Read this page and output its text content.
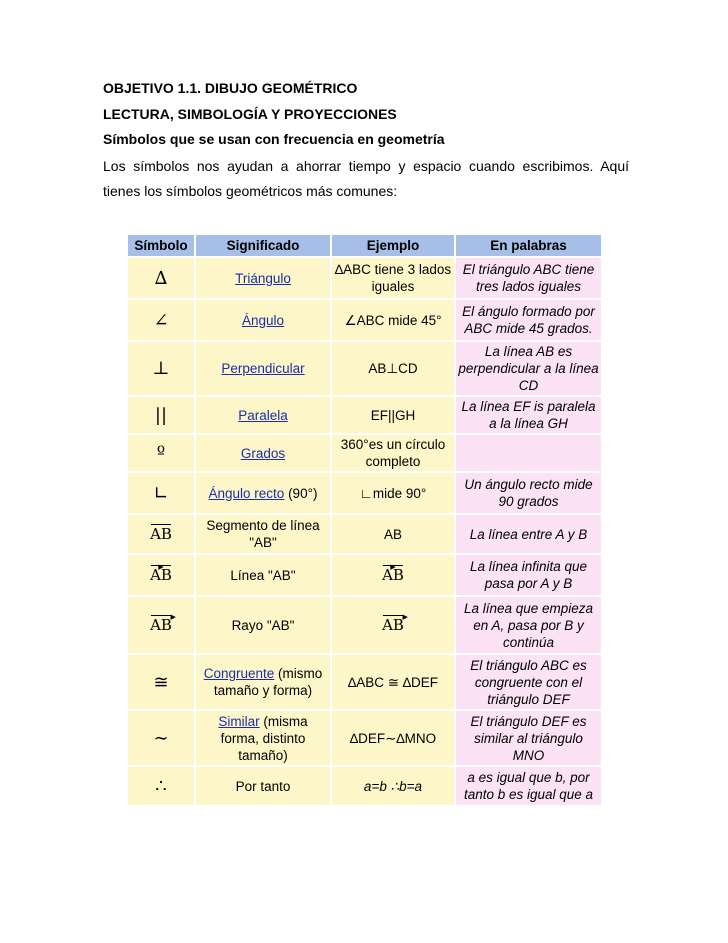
OBJETIVO 1.1. DIBUJO GEOMÉTRICO

LECTURA, SIMBOLOGÍA Y PROYECCIONES

Símbolos que se usan con frecuencia en geometría

Los símbolos nos ayudan a ahorrar tiempo y espacio cuando escribimos. Aquí tienes los símbolos geométricos más comunes:

Símbolo	Significado	Ejemplo	En palabras
∆	Triángulo	∆ABC tiene 3 lados iguales	El triángulo ABC tiene tres lados iguales
∠	Ángulo	∠ABC mide 45°	El ángulo formado por ABC mide 45 grados.
⊥	Perpendicular	AB⊥CD	La línea AB es perpendicular a la línea CD
||	Paralela	EF||GH	La línea EF is paralela a la línea GH
º	Grados	360°es un círculo completo	
∟	Ángulo recto (90°)	∟mide 90°	Un ángulo recto mide 90 grados
AB	Segmento de línea "AB"	AB	La línea entre A y B
AB ▶	Línea "AB"	AB ▶	La línea infinita que pasa por A y B
AB ▶	Rayo "AB"	AB ▶	La línea que empieza en A, pasa por B y continúa
≅	Congruente (mismo tamaño y forma)	∆ABC ≅ ∆DEF	El triángulo ABC es congruente con el triángulo DEF
∼	Similar (misma forma, distinto tamaño)	∆DEF∼∆MNO	El triángulo DEF es similar al triángulo MNO
∴	Por tanto	a=b ∴b=a	a es igual que b, por tanto b es igual que a
